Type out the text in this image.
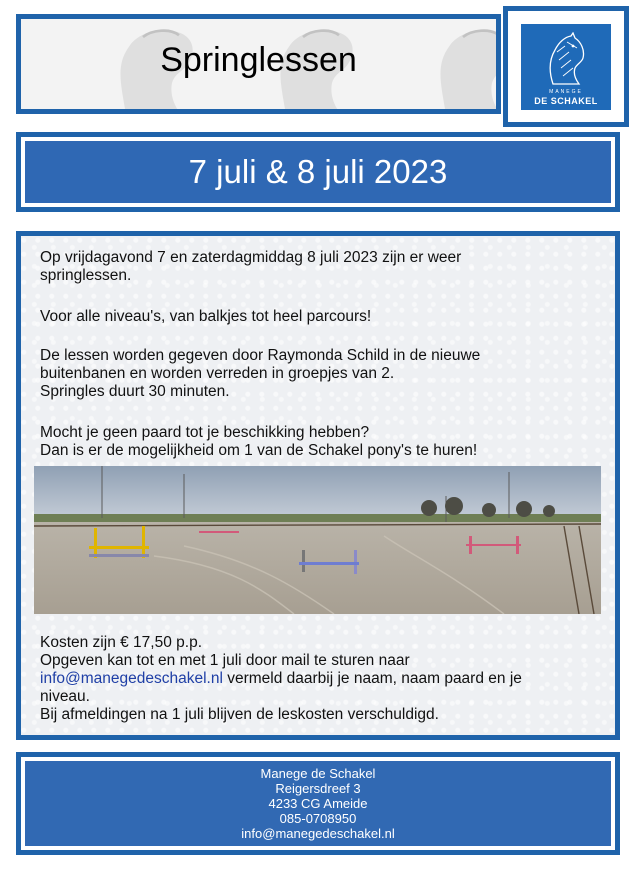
Springlessen
MANEGE
DE SCHAKEL
7 juli & 8 juli 2023

Op vrijdagavond 7 en zaterdagmiddag 8 juli 2023 zijn er weer

springlessen.

Voor alle niveau's, van balkjes tot heel parcours!

De lessen worden gegeven door Raymonda Schild in de nieuwe

buitenbanen en worden verreden in groepjes van 2.

Springles duurt 30 minuten.

Mocht je geen paard tot je beschikking hebben?

Dan is er de mogelijkheid om 1 van de Schakel pony's te huren!

Kosten zijn € 17,50 p.p.

Opgeven kan tot en met 1 juli door mail te sturen naar

info@manegedeschakel.nl vermeld daarbij je naam, naam paard en je

niveau.

Bij afmeldingen na 1 juli blijven de leskosten verschuldigd.

Manege de Schakel
Reigersdreef 3
4233 CG Ameide
085-0708950
info@manegedeschakel.nl
